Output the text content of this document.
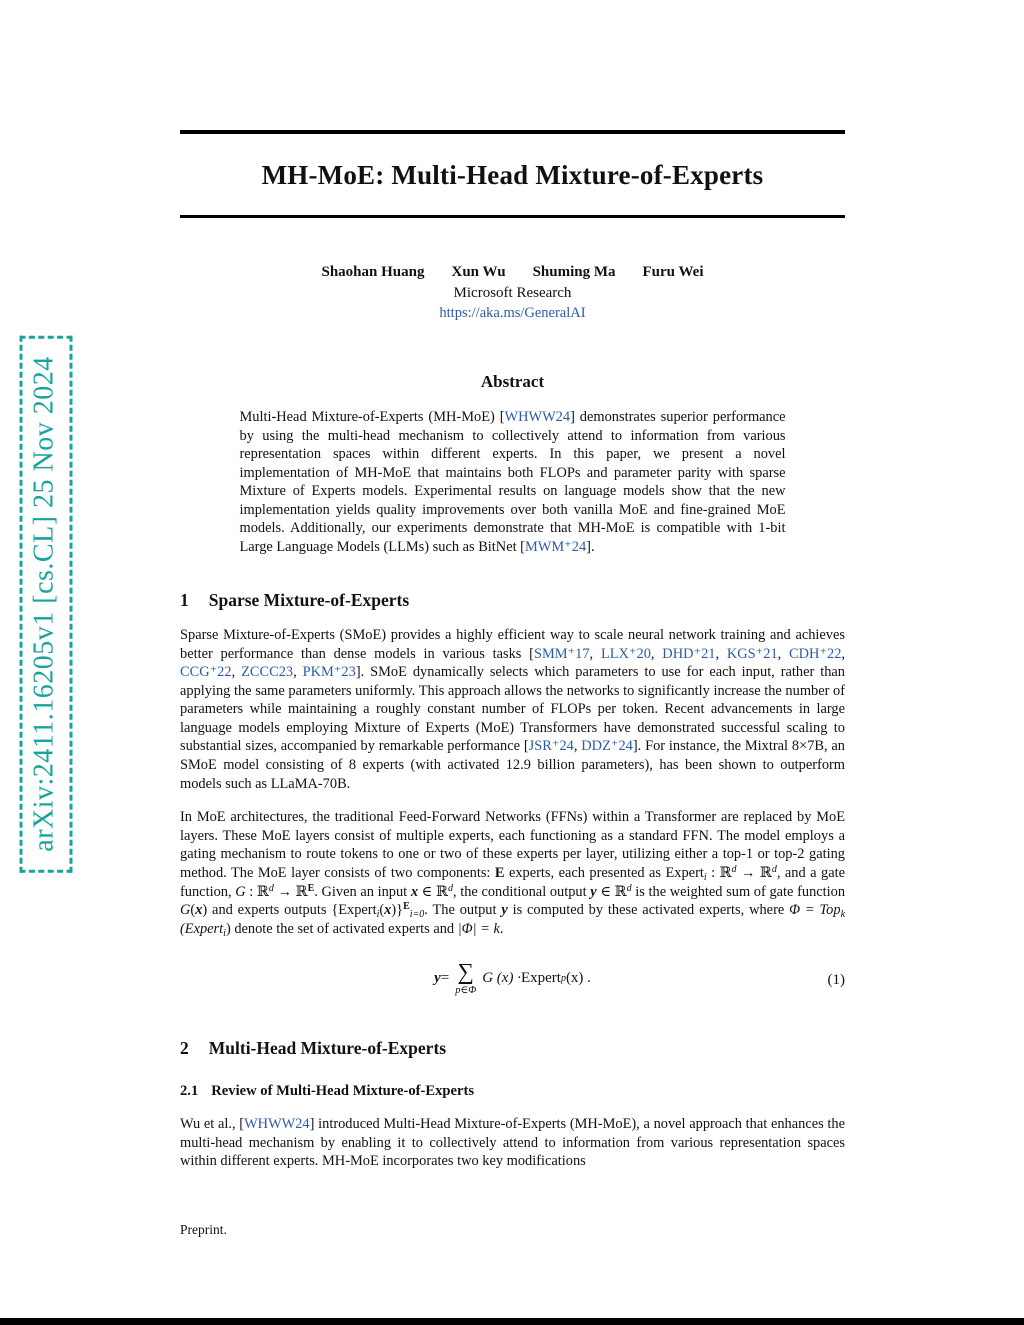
arXiv:2411.16205v1 [cs.CL] 25 Nov 2024
MH-MoE: Multi-Head Mixture-of-Experts
Shaohan Huang Xun Wu Shuming Ma Furu Wei
Microsoft Research
https://aka.ms/GeneralAI
Abstract

Multi-Head Mixture-of-Experts (MH-MoE) [WHWW24] demonstrates superior performance by using the multi-head mechanism to collectively attend to information from various representation spaces within different experts. In this paper, we present a novel implementation of MH-MoE that maintains both FLOPs and parameter parity with sparse Mixture of Experts models. Experimental results on language models show that the new implementation yields quality improvements over both vanilla MoE and fine-grained MoE models. Additionally, our experiments demonstrate that MH-MoE is compatible with 1-bit Large Language Models (LLMs) such as BitNet [MWM⁺24].

1 Sparse Mixture-of-Experts

Sparse Mixture-of-Experts (SMoE) provides a highly efficient way to scale neural network training and achieves better performance than dense models in various tasks [SMM⁺17, LLX⁺20, DHD⁺21, KGS⁺21, CDH⁺22, CCG⁺22, ZCCC23, PKM⁺23]. SMoE dynamically selects which parameters to use for each input, rather than applying the same parameters uniformly. This approach allows the networks to significantly increase the number of parameters while maintaining a roughly constant number of FLOPs per token. Recent advancements in large language models employing Mixture of Experts (MoE) Transformers have demonstrated successful scaling to substantial sizes, accompanied by remarkable performance [JSR⁺24, DDZ⁺24]. For instance, the Mixtral 8×7B, an SMoE model consisting of 8 experts (with activated 12.9 billion parameters), has been shown to outperform models such as LLaMA-70B.

In MoE architectures, the traditional Feed-Forward Networks (FFNs) within a Transformer are replaced by MoE layers. These MoE layers consist of multiple experts, each functioning as a standard FFN. The model employs a gating mechanism to route tokens to one or two of these experts per layer, utilizing either a top-1 or top-2 gating method. The MoE layer consists of two components: E experts, each presented as Expert$_i$ : ℝ$^d$ → ℝ$^d$, and a gate function, G : ℝ$^d$ → ℝ$^E$. Given an input x ∈ ℝ$^d$, the conditional output y ∈ ℝ$^d$ is the weighted sum of gate function G(x) and experts outputs {Expert$_i$(x)}$^E_{i=0}$. The output y is computed by these activated experts, where Φ = Top$_k$ (Expert$_i$) denote the set of activated experts and |Φ| = k.

y = ∑
p∈Φ
G (x) · Expert p (x) .	(1)
2 Multi-Head Mixture-of-Experts
2.1 Review of Multi-Head Mixture-of-Experts

Wu et al., [WHWW24] introduced Multi-Head Mixture-of-Experts (MH-MoE), a novel approach that enhances the multi-head mechanism by enabling it to collectively attend to information from various representation spaces within different experts. MH-MoE incorporates two key modifications

Preprint.
